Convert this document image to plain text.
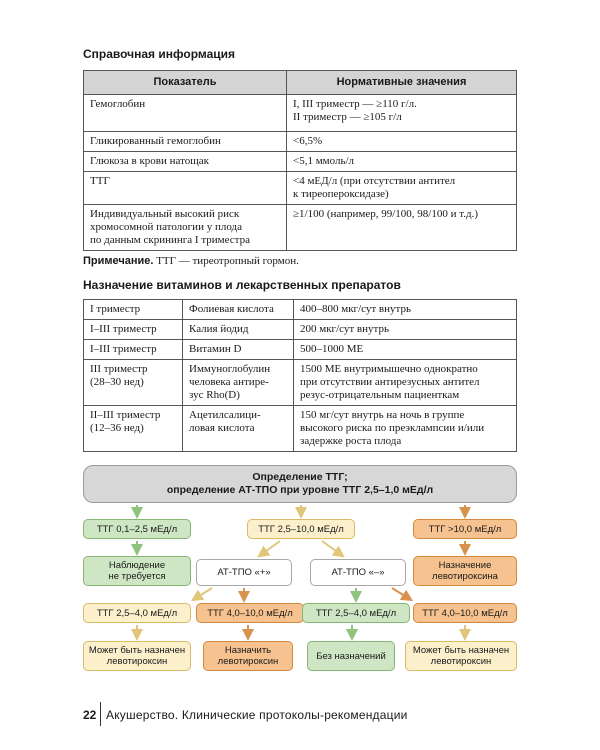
Справочная информация
Показатель	Нормативные значения
Гемоглобин	I, III триместр — ≥110 г/л.
II триместр — ≥105 г/л
Гликированный гемоглобин	<6,5%
Глюкоза в крови натощак	<5,1 ммоль/л
ТТГ	<4 мЕД/л (при отсутствии антител
к тиреопероксидазе)
Индивидуальный высокий риск
хромосомной патологии у плода
по данным скрининга I триместра	≥1/100 (например, 99/100, 98/100 и т.д.)
Примечание. ТТГ — тиреотропный гормон.
Назначение витаминов и лекарственных препаратов
I триместр	Фолиевая кислота	400–800 мкг/сут внутрь
I–III триместр	Калия йодид	200 мкг/сут внутрь
I–III триместр	Витамин D	500–1000 МЕ
III триместр
(28–30 нед)	Иммуноглобулин
человека антире-
зус Rho(D)	1500 МЕ внутримышечно однократно
при отсутствии антирезусных антител
резус-отрицательным пациенткам
II–III триместр
(12–36 нед)	Ацетилсалици-
ловая кислота	150 мг/сут внутрь на ночь в группе
высокого риска по преэклампсии и/или
задержке роста плода
Определение ТТГ;
определение АТ-ТПО при уровне ТТГ 2,5–1,0 мЕд/л
ТТГ 0,1–2,5 мЕд/л	ТТГ 2,5–10,0 мЕд/л	ТТГ >10,0 мЕд/л
Наблюдение
не требуется	АТ-ТПО «+»	АТ-ТПО «–»
Назначение
левотироксина
ТТГ 2,5–4,0 мЕд/л	ТТГ 4,0–10,0 мЕд/л	ТТГ 2,5–4,0 мЕд/л	ТТГ 4,0–10,0 мЕд/л
Может быть назначен
левотироксин
Назначить
левотироксин	Без назначений	Может быть назначен
левотироксин
22 Акушерство. Клинические протоколы-рекомендации
